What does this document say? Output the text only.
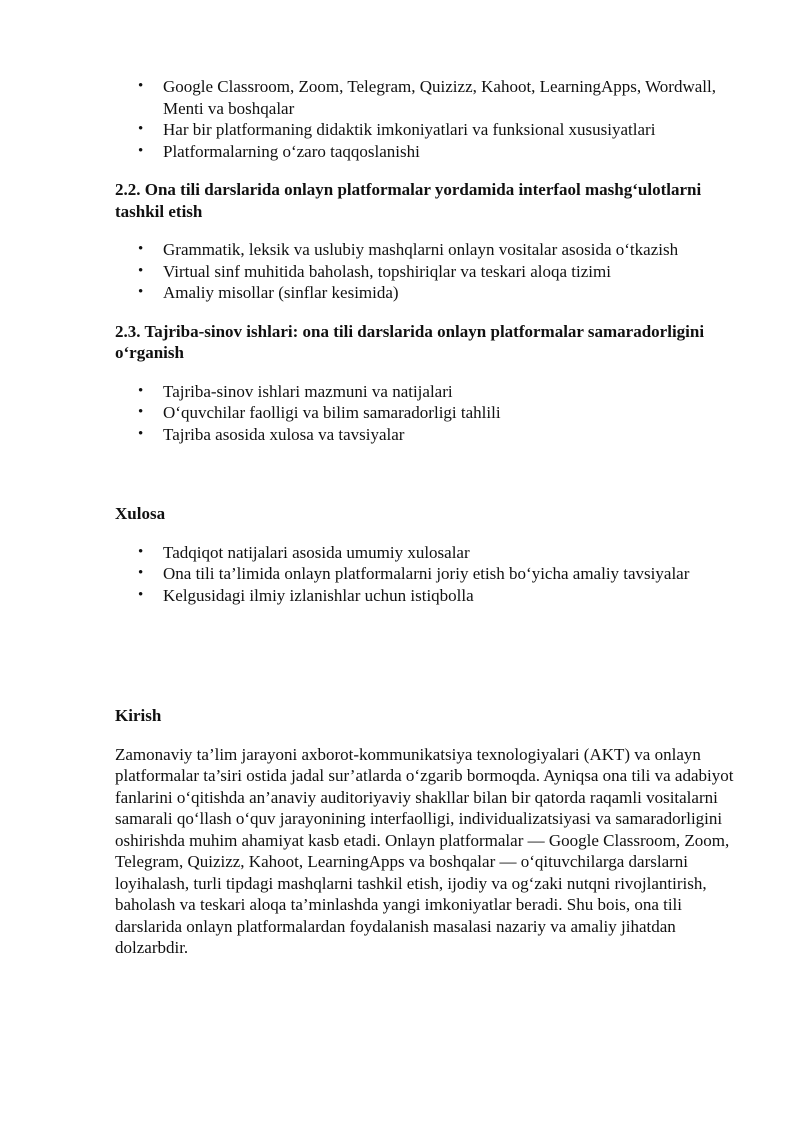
• Google Classroom, Zoom, Telegram, Quizizz, Kahoot, LearningApps, Wordwall, Menti va boshqalar
• Har bir platformaning didaktik imkoniyatlari va funksional xususiyatlari
• Platformalarning o‘zaro taqqoslanishi
2.2. Ona tili darslarida onlayn platformalar yordamida interfaol mashg‘ulotlarni tashkil etish
• Grammatik, leksik va uslubiy mashqlarni onlayn vositalar asosida o‘tkazish
• Virtual sinf muhitida baholash, topshiriqlar va teskari aloqa tizimi
• Amaliy misollar (sinflar kesimida)
2.3. Tajriba-sinov ishlari: ona tili darslarida onlayn platformalar samaradorligini o‘rganish
• Tajriba-sinov ishlari mazmuni va natijalari
• O‘quvchilar faolligi va bilim samaradorligi tahlili
• Tajriba asosida xulosa va tavsiyalar
Xulosa
• Tadqiqot natijalari asosida umumiy xulosalar
• Ona tili ta’limida onlayn platformalarni joriy etish bo‘yicha amaliy tavsiyalar
• Kelgusidagi ilmiy izlanishlar uchun istiqbolla
Kirish

Zamonaviy ta’lim jarayoni axborot-kommunikatsiya texnologiyalari (AKT) va onlayn platformalar ta’siri ostida jadal sur’atlarda o‘zgarib bormoqda. Ayniqsa ona tili va adabiyot fanlarini o‘qitishda an’anaviy auditoriyaviy shakllar bilan bir qatorda raqamli vositalarni samarali qo‘llash o‘quv jarayonining interfaolligi, individualizatsiyasi va samaradorligini oshirishda muhim ahamiyat kasb etadi. Onlayn platformalar — Google Classroom, Zoom, Telegram, Quizizz, Kahoot, LearningApps va boshqalar — o‘qituvchilarga darslarni loyihalash, turli tipdagi mashqlarni tashkil etish, ijodiy va og‘zaki nutqni rivojlantirish, baholash va teskari aloqa ta’minlashda yangi imkoniyatlar beradi. Shu bois, ona tili darslarida onlayn platformalardan foydalanish masalasi nazariy va amaliy jihatdan dolzarbdir.
